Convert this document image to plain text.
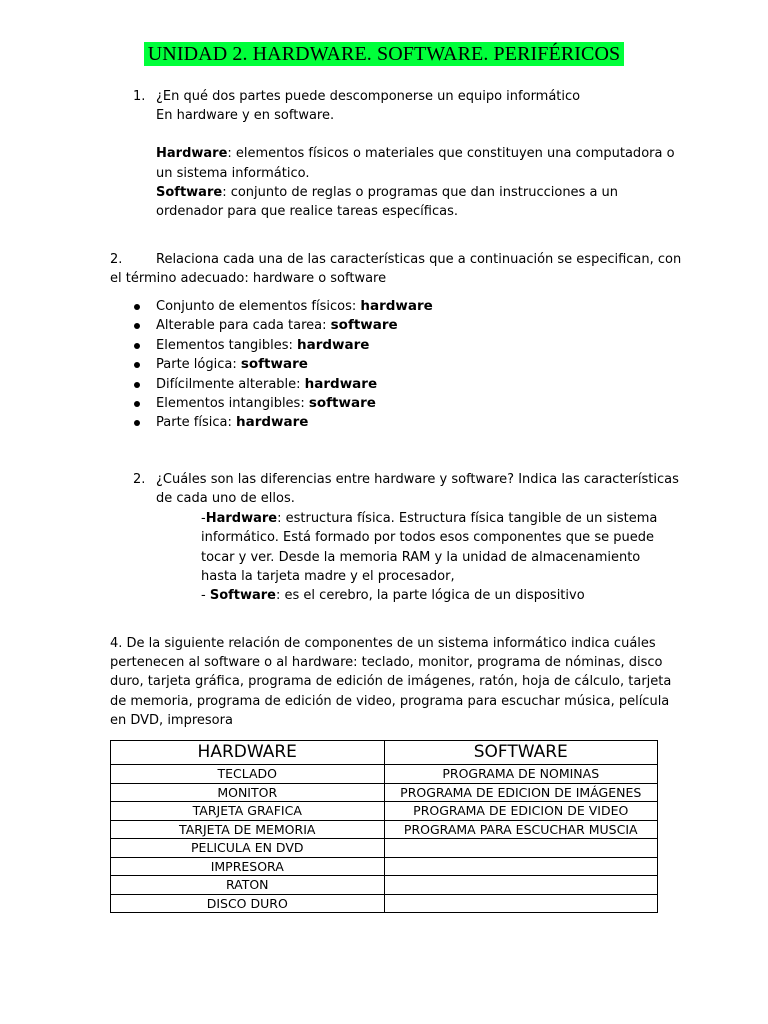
UNIDAD 2. HARDWARE. SOFTWARE. PERIFÉRICOS
1. ¿En qué dos partes puede descomponerse un equipo informático
En hardware y en software.
Hardware: elementos físicos o materiales que constituyen una computadora o
un sistema informático.
Software: conjunto de reglas o programas que dan instrucciones a un
ordenador para que realice tareas específicas.
2.	Relaciona cada una de las características que a continuación se especifican, con
el término adecuado: hardware o software
Conjunto de elementos físicos: hardware
Alterable para cada tarea: software
Elementos tangibles: hardware
Parte lógica: software
Difícilmente alterable: hardware
Elementos intangibles: software
Parte física: hardware
2. ¿Cuáles son las diferencias entre hardware y software? Indica las características
de cada uno de ellos.
-Hardware: estructura física. Estructura física tangible de un sistema
informático. Está formado por todos esos componentes que se puede
tocar y ver. Desde la memoria RAM y la unidad de almacenamiento
hasta la tarjeta madre y el procesador,
- Software: es el cerebro, la parte lógica de un dispositivo
4. De la siguiente relación de componentes de un sistema informático indica cuáles
pertenecen al software o al hardware: teclado, monitor, programa de nóminas, disco
duro, tarjeta gráfica, programa de edición de imágenes, ratón, hoja de cálculo, tarjeta
de memoria, programa de edición de video, programa para escuchar música, película
en DVD, impresora
HARDWARE	SOFTWARE
TECLADO	PROGRAMA DE NOMINAS
MONITOR	PROGRAMA DE EDICION DE IMÁGENES
TARJETA GRAFICA	PROGRAMA DE EDICION DE VIDEO
TARJETA DE MEMORIA	PROGRAMA PARA ESCUCHAR MUSCIA
PELICULA EN DVD	
IMPRESORA	
RATON	
DISCO DURO	
